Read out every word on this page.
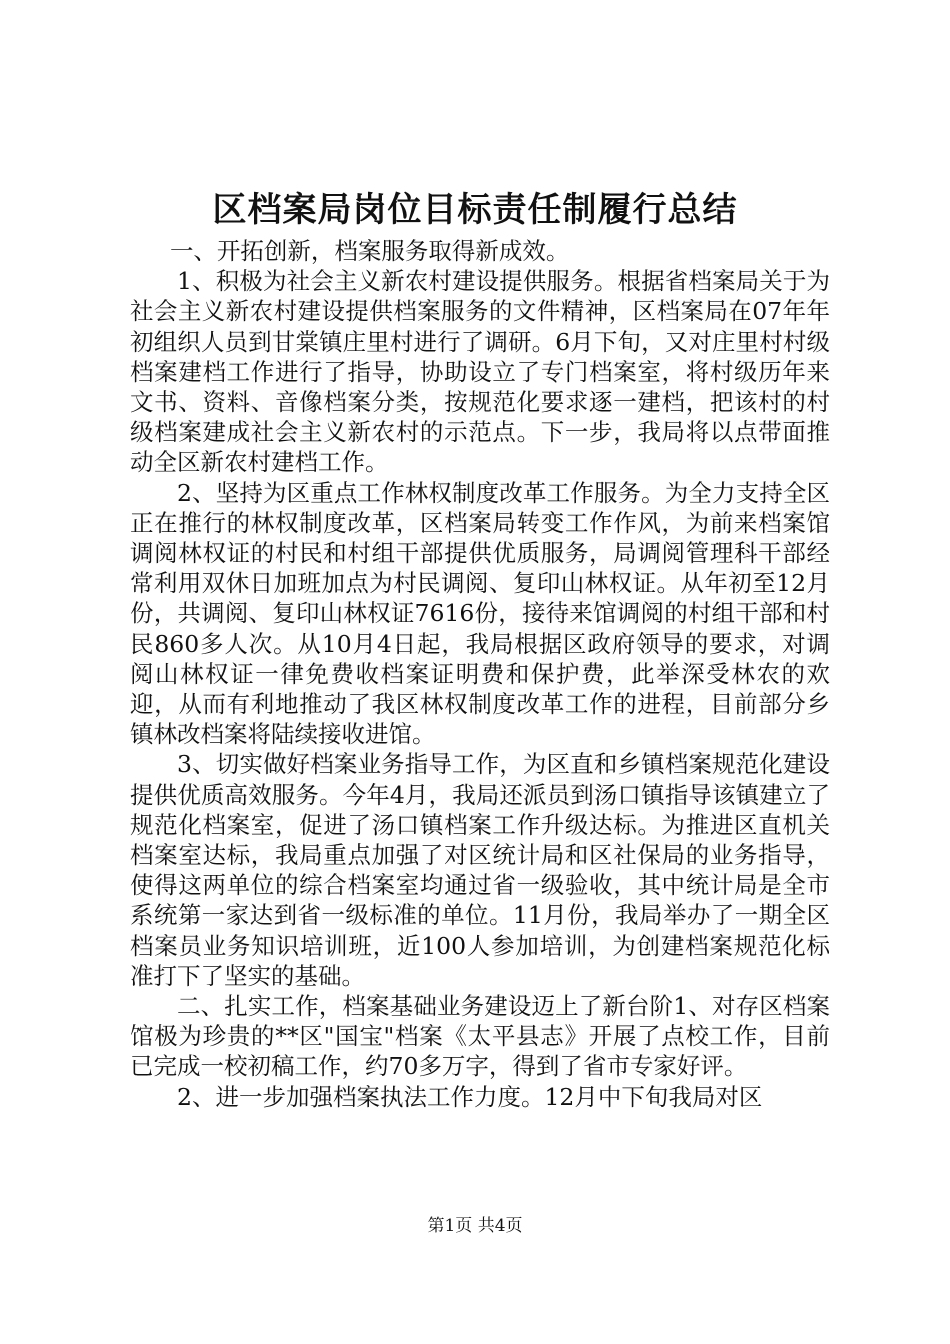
区档案局岗位目标责任制履行总结

一、开拓创新，档案服务取得新成效。

1、积极为社会主义新农村建设提供服务。根据省档案局关于为社会主义新农村建设提供档案服务的文件精神，区档案局在07年年初组织人员到甘棠镇庄里村进行了调研。6月下旬，又对庄里村村级档案建档工作进行了指导，协助设立了专门档案室，将村级历年来文书、资料、音像档案分类，按规范化要求逐一建档，把该村的村级档案建成社会主义新农村的示范点。下一步，我局将以点带面推动全区新农村建档工作。

2、坚持为区重点工作林权制度改革工作服务。为全力支持全区正在推行的林权制度改革，区档案局转变工作作风，为前来档案馆调阅林权证的村民和村组干部提供优质服务，局调阅管理科干部经常利用双休日加班加点为村民调阅、复印山林权证。从年初至12月份，共调阅、复印山林权证7616份，接待来馆调阅的村组干部和村民860多人次。从10月4日起，我局根据区政府领导的要求，对调阅山林权证一律免费收档案证明费和保护费，此举深受林农的欢迎，从而有利地推动了我区林权制度改革工作的进程，目前部分乡镇林改档案将陆续接收进馆。

3、切实做好档案业务指导工作，为区直和乡镇档案规范化建设提供优质高效服务。今年4月，我局还派员到汤口镇指导该镇建立了规范化档案室，促进了汤口镇档案工作升级达标。为推进区直机关档案室达标，我局重点加强了对区统计局和区社保局的业务指导，使得这两单位的综合档案室均通过省一级验收，其中统计局是全市系统第一家达到省一级标准的单位。11月份，我局举办了一期全区档案员业务知识培训班，近100人参加培训，为创建档案规范化标准打下了坚实的基础。

二、扎实工作，档案基础业务建设迈上了新台阶1、对存区档案馆极为珍贵的**区"国宝"档案《太平县志》开展了点校工作，目前已完成一校初稿工作，约70多万字，得到了省市专家好评。

2、进一步加强档案执法工作力度。12月中下旬我局对区

第1页 共4页
